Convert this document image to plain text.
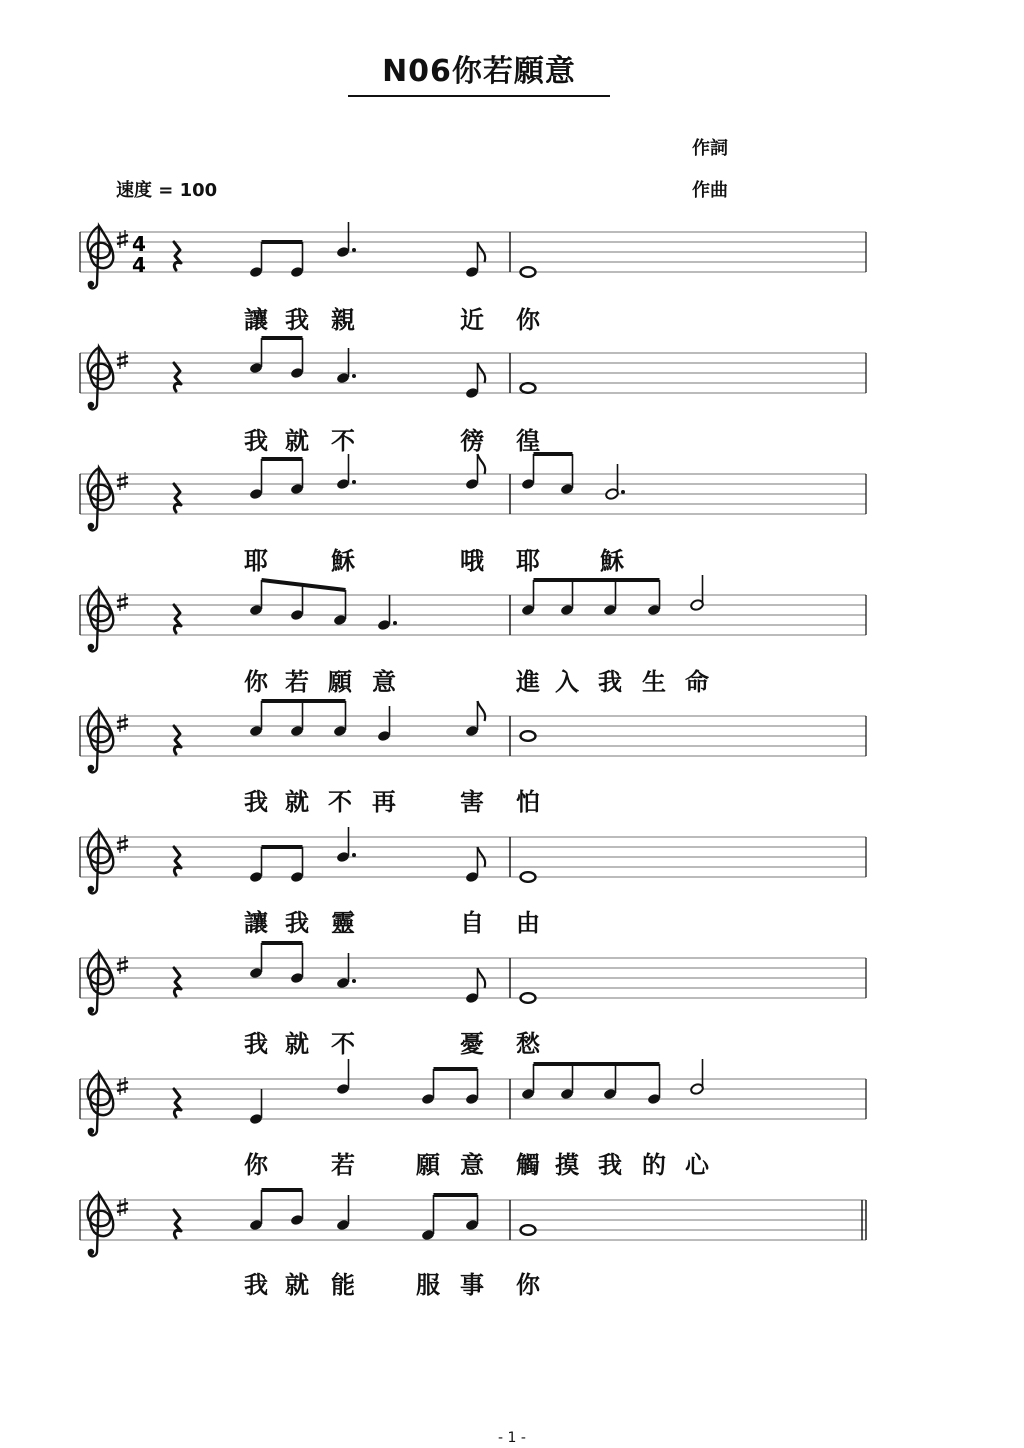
N06你若願意
作詞
作曲
速度 = 100
4
4
讓 我 親	近	你
我 就 不	徬	徨
耶	穌	哦	耶	穌
你 若 願 意	進 入 我 生 命
我 就 不 再	害	怕
讓 我 靈	自	由
我 就 不	憂	愁
你	若	願 意	觸 摸 我 的 心
我 就 能	服 事	你
- 1 -
